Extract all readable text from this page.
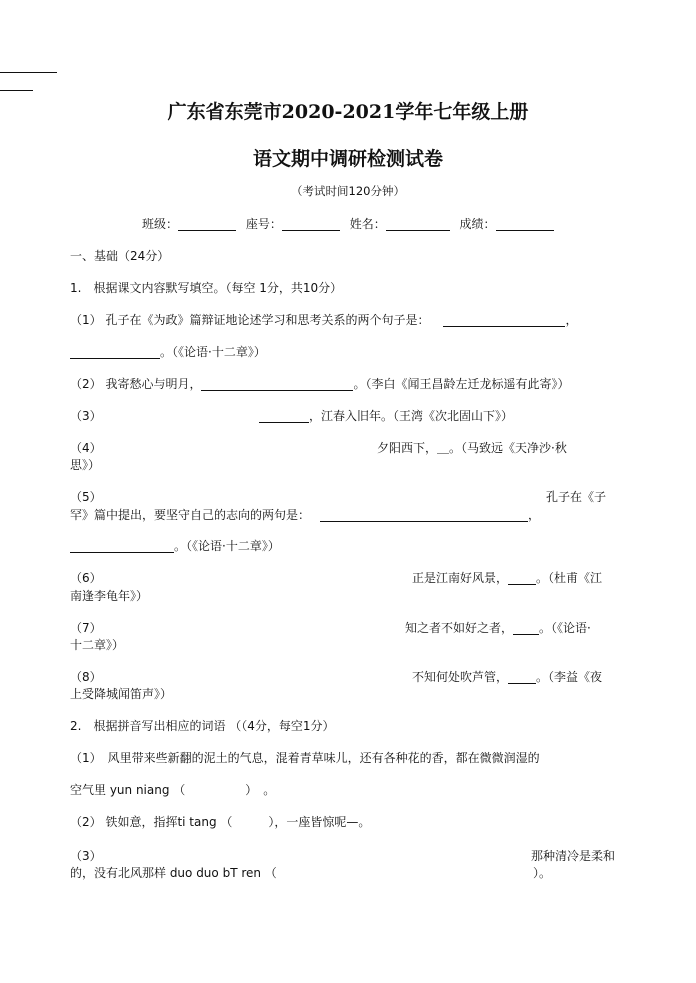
广东省东莞市2020-2021学年七年级上册
语文期中调研检测试卷
（考试时间120分钟）
班级：	座号：	姓名：	成绩：
一、基础（24分）
1.　根据课文内容默写填空。（每空 1分，共10分）
（1） 孔子在《为政》篇辩证地论述学习和思考关系的两个句子是：	，
。（《论语·十二章》）
（2） 我寄愁心与明月，	。（李白《闻王昌龄左迁龙标遥有此寄》）
（3）	，江春入旧年。（王湾《次北固山下》）
（4）	夕阳西下，＿。（马致远《天净沙·秋
思》）
（5）	孔子在《子
罕》篇中提出，要坚守自己的志向的两句是：	，
。（《论语·十二章》）
（6）	正是江南好风景， 。（杜甫《江
南逢李龟年》）
（7）	知之者不如好之者， 。（《论语·
十二章》）
（8）	不知何处吹芦管， 。（李益《夜
上受降城闻笛声》）
2.　根据拼音写出相应的词语 （（4分，每空1分）
（1）　风里带来些新翻的泥土的气息，混着青草味儿，还有各种花的香，都在微微润湿的
空气里 yun niang （　　　　　）　。
（2） 铁如意，指挥ti tang （　　　），一座皆惊呢—。
（3）	那种清冷是柔和
的，没有北风那样 duo duo bT ren （	）。
